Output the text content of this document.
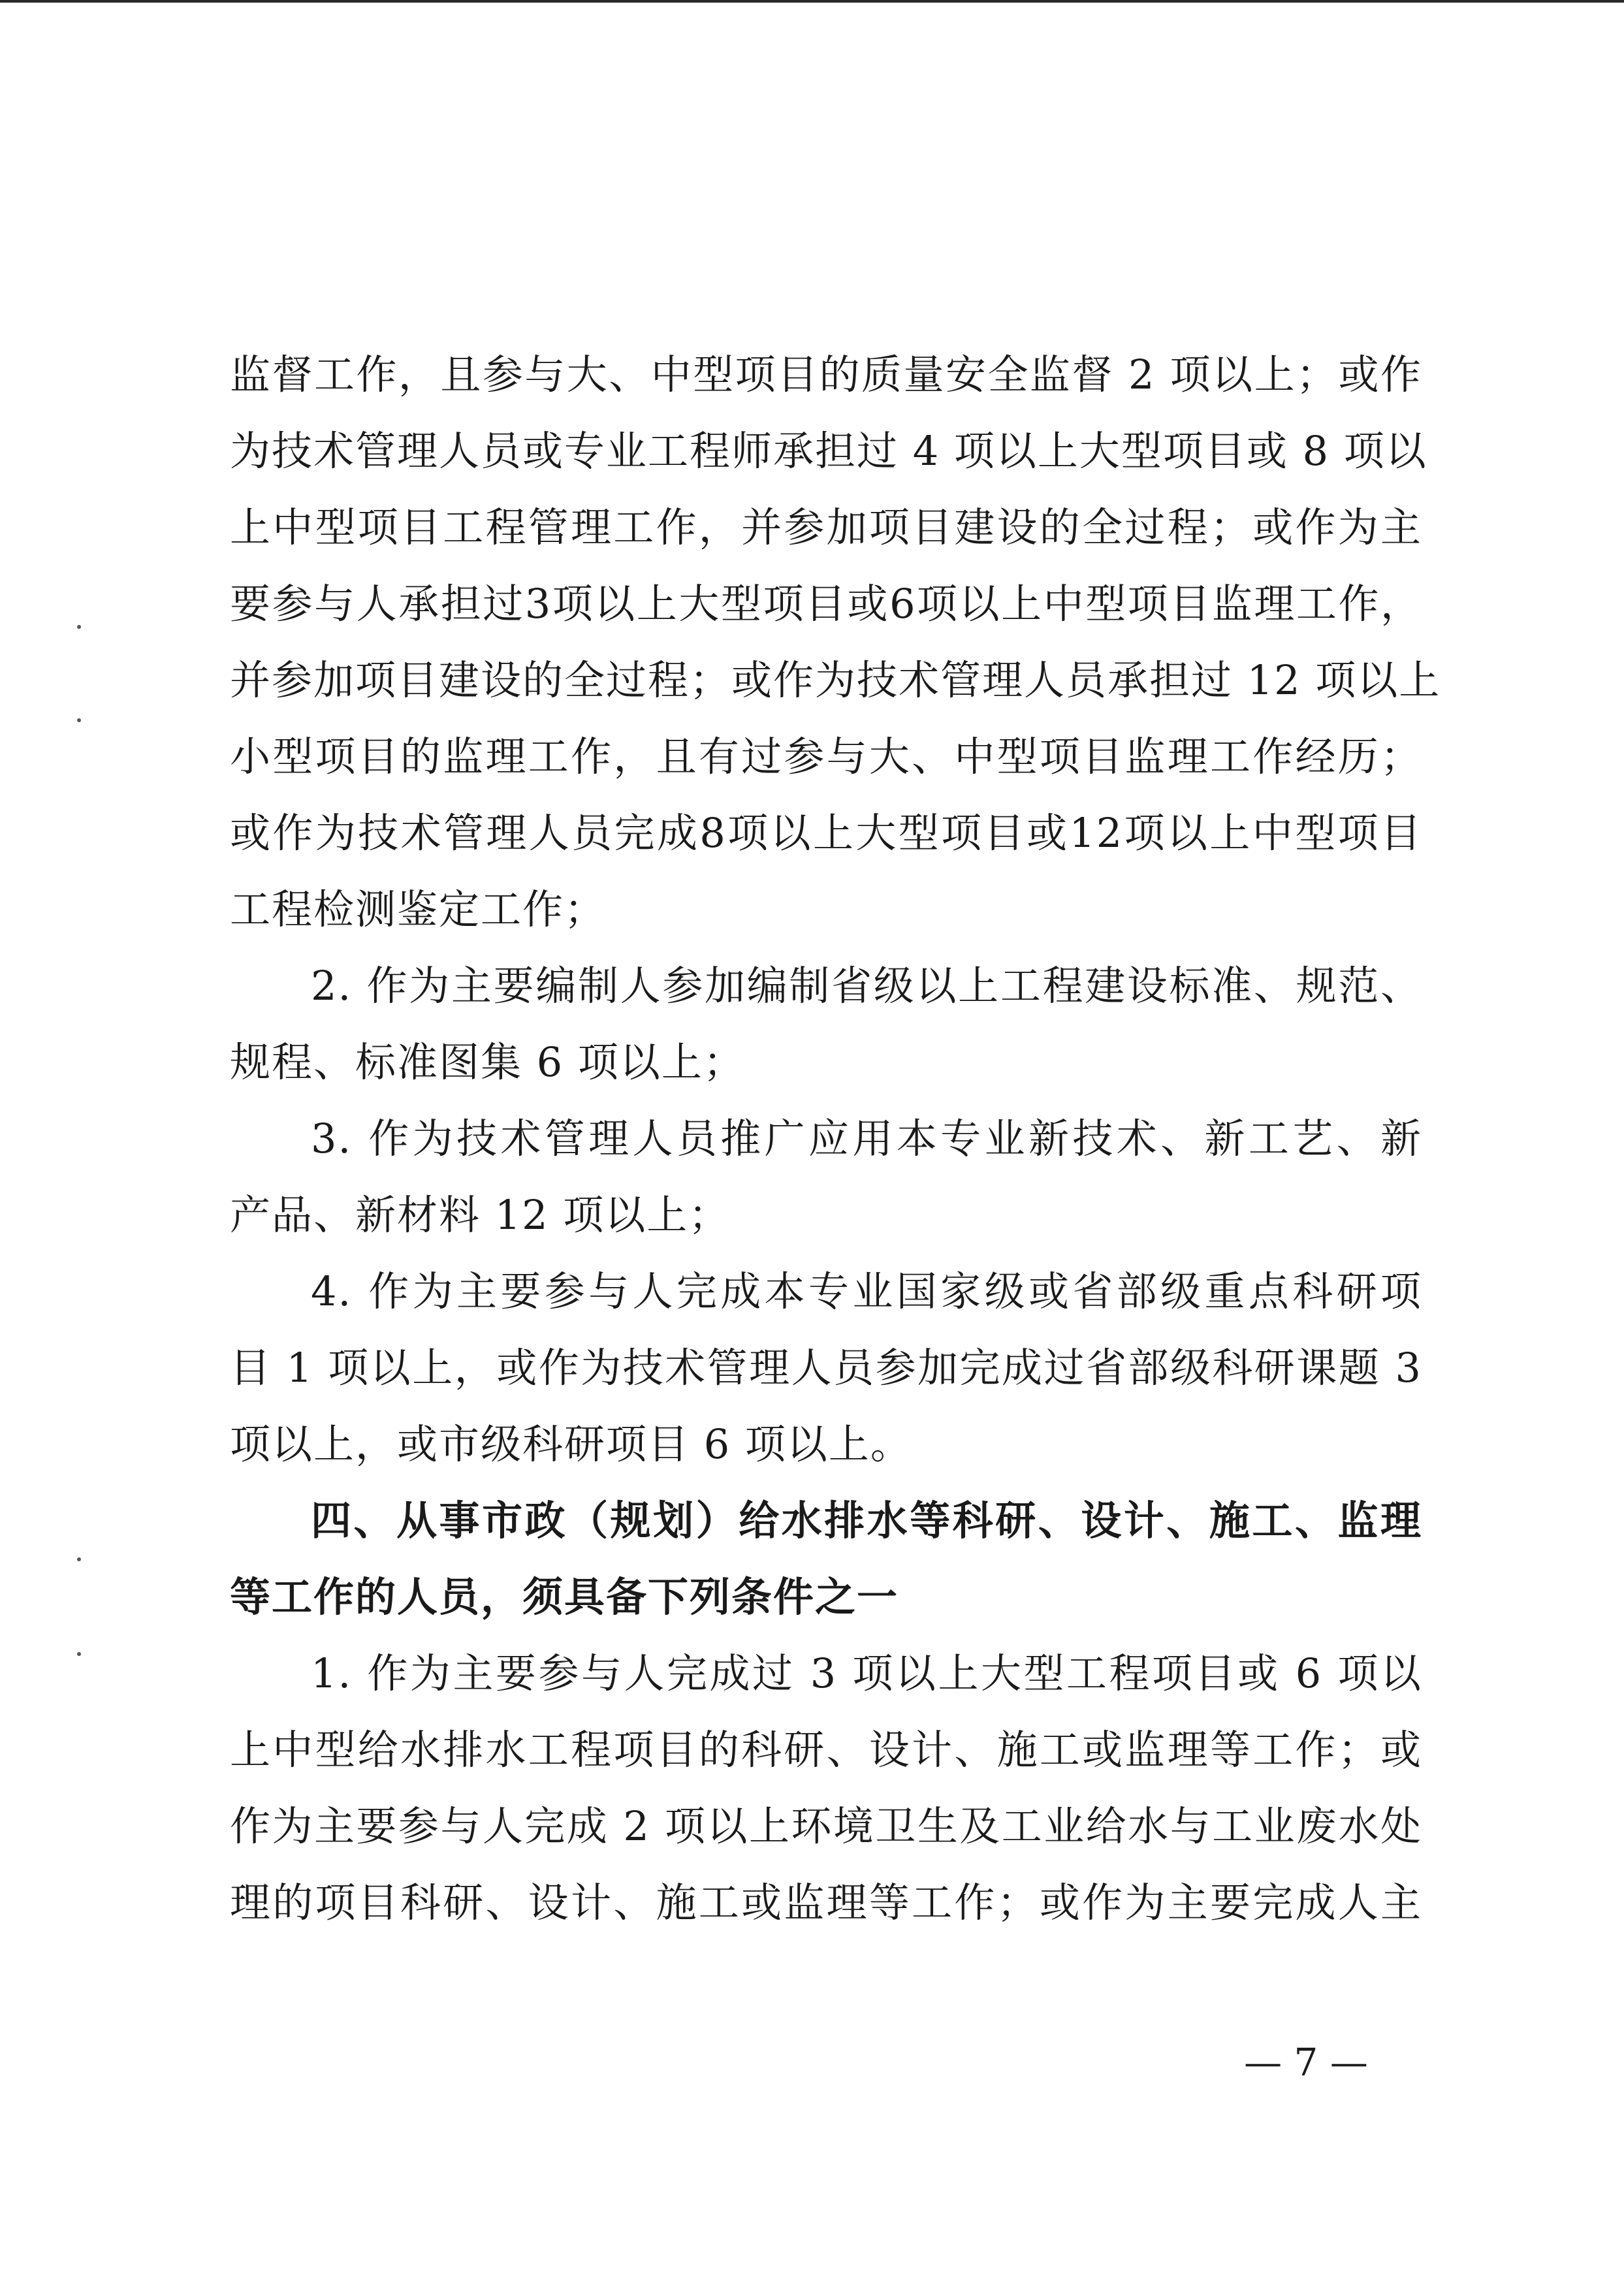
监督工作，且参与大、中型项目的质量安全监督 2 项以上；或作
为技术管理人员或专业工程师承担过 4 项以上大型项目或 8 项以
上中型项目工程管理工作，并参加项目建设的全过程；或作为主
要参与人承担过3项以上大型项目或6项以上中型项目监理工作，
并参加项目建设的全过程；或作为技术管理人员承担过 12 项以上
小型项目的监理工作，且有过参与大、中型项目监理工作经历；
或作为技术管理人员完成8项以上大型项目或12项以上中型项目
工程检测鉴定工作；
2. 作为主要编制人参加编制省级以上工程建设标准、规范、
规程、标准图集 6 项以上；
3. 作为技术管理人员推广应用本专业新技术、新工艺、新
产品、新材料 12 项以上；
4. 作为主要参与人完成本专业国家级或省部级重点科研项
目 1 项以上，或作为技术管理人员参加完成过省部级科研课题 3
项以上，或市级科研项目 6 项以上。
四、从事市政（规划）给水排水等科研、设计、施工、监理
等工作的人员，须具备下列条件之一
1. 作为主要参与人完成过 3 项以上大型工程项目或 6 项以
上中型给水排水工程项目的科研、设计、施工或监理等工作；或
作为主要参与人完成 2 项以上环境卫生及工业给水与工业废水处
理的项目科研、设计、施工或监理等工作；或作为主要完成人主
— 7 —
